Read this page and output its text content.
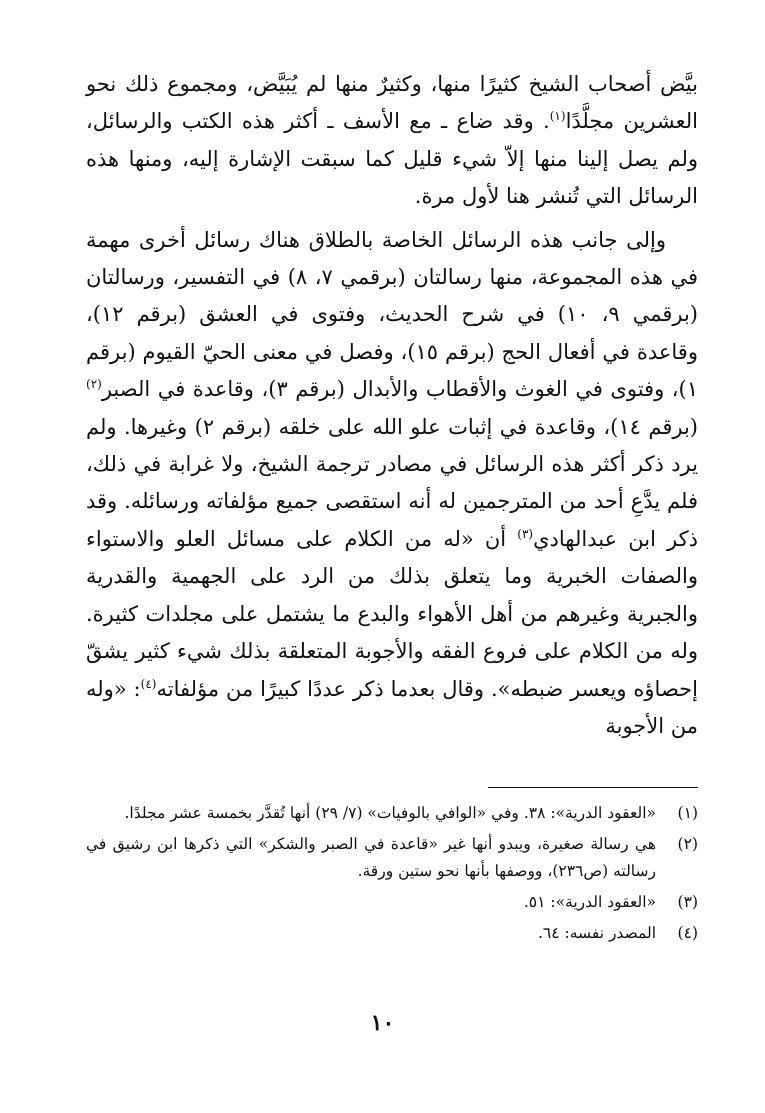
بيَّض أصحاب الشيخ كثيرًا منها، وكثيرٌ منها لم يُبَيَّض، ومجموع ذلك نحو العشرين مجلَّدًا$^{(١)}$. وقد ضاع ـ مع الأسف ـ أكثر هذه الكتب والرسائل، ولم يصل إلينا منها إلاّ شيء قليل كما سبقت الإشارة إليه، ومنها هذه الرسائل التي تُنشر هنا لأول مرة.

وإلى جانب هذه الرسائل الخاصة بالطلاق هناك رسائل أخرى مهمة في هذه المجموعة، منها رسالتان (برقمي ٧، ٨) في التفسير، ورسالتان (برقمي ٩، ١٠) في شرح الحديث، وفتوى في العشق (برقم ١٢)، وقاعدة في أفعال الحج (برقم ١٥)، وفصل في معنى الحيّ القيوم (برقم ١)، وفتوى في الغوث والأقطاب والأبدال (برقم ٣)، وقاعدة في الصبر$^{(٢)}$ (برقم ١٤)، وقاعدة في إثبات علو الله على خلقه (برقم ٢) وغيرها. ولم يرد ذكر أكثر هذه الرسائل في مصادر ترجمة الشيخ، ولا غرابة في ذلك، فلم يدَّعِ أحد من المترجمين له أنه استقصى جميع مؤلفاته ورسائله. وقد ذكر ابن عبدالهادي$^{(٣)}$ أن «له من الكلام على مسائل العلو والاستواء والصفات الخبرية وما يتعلق بذلك من الرد على الجهمية والقدرية والجبرية وغيرهم من أهل الأهواء والبدع ما يشتمل على مجلدات كثيرة. وله من الكلام على فروع الفقه والأجوبة المتعلقة بذلك شيء كثير يشقّ إحصاؤه ويعسر ضبطه». وقال بعدما ذكر عددًا كبيرًا من مؤلفاته$^{(٤)}$: «وله من الأجوبة

(١)
«العقود الدرية»: ٣٨. وفي «الوافي بالوفيات» (٧/ ٢٩) أنها تُقدَّر بخمسة عشر مجلدًا.
(٢)
هي رسالة صغيرة، ويبدو أنها غير «قاعدة في الصبر والشكر» التي ذكرها ابن رشيق في رسالته (ص٢٣٦)، ووصفها بأنها نحو ستين ورقة.
(٣)
«العقود الدرية»: ٥١.
(٤)
المصدر نفسه: ٦٤.
١٠
